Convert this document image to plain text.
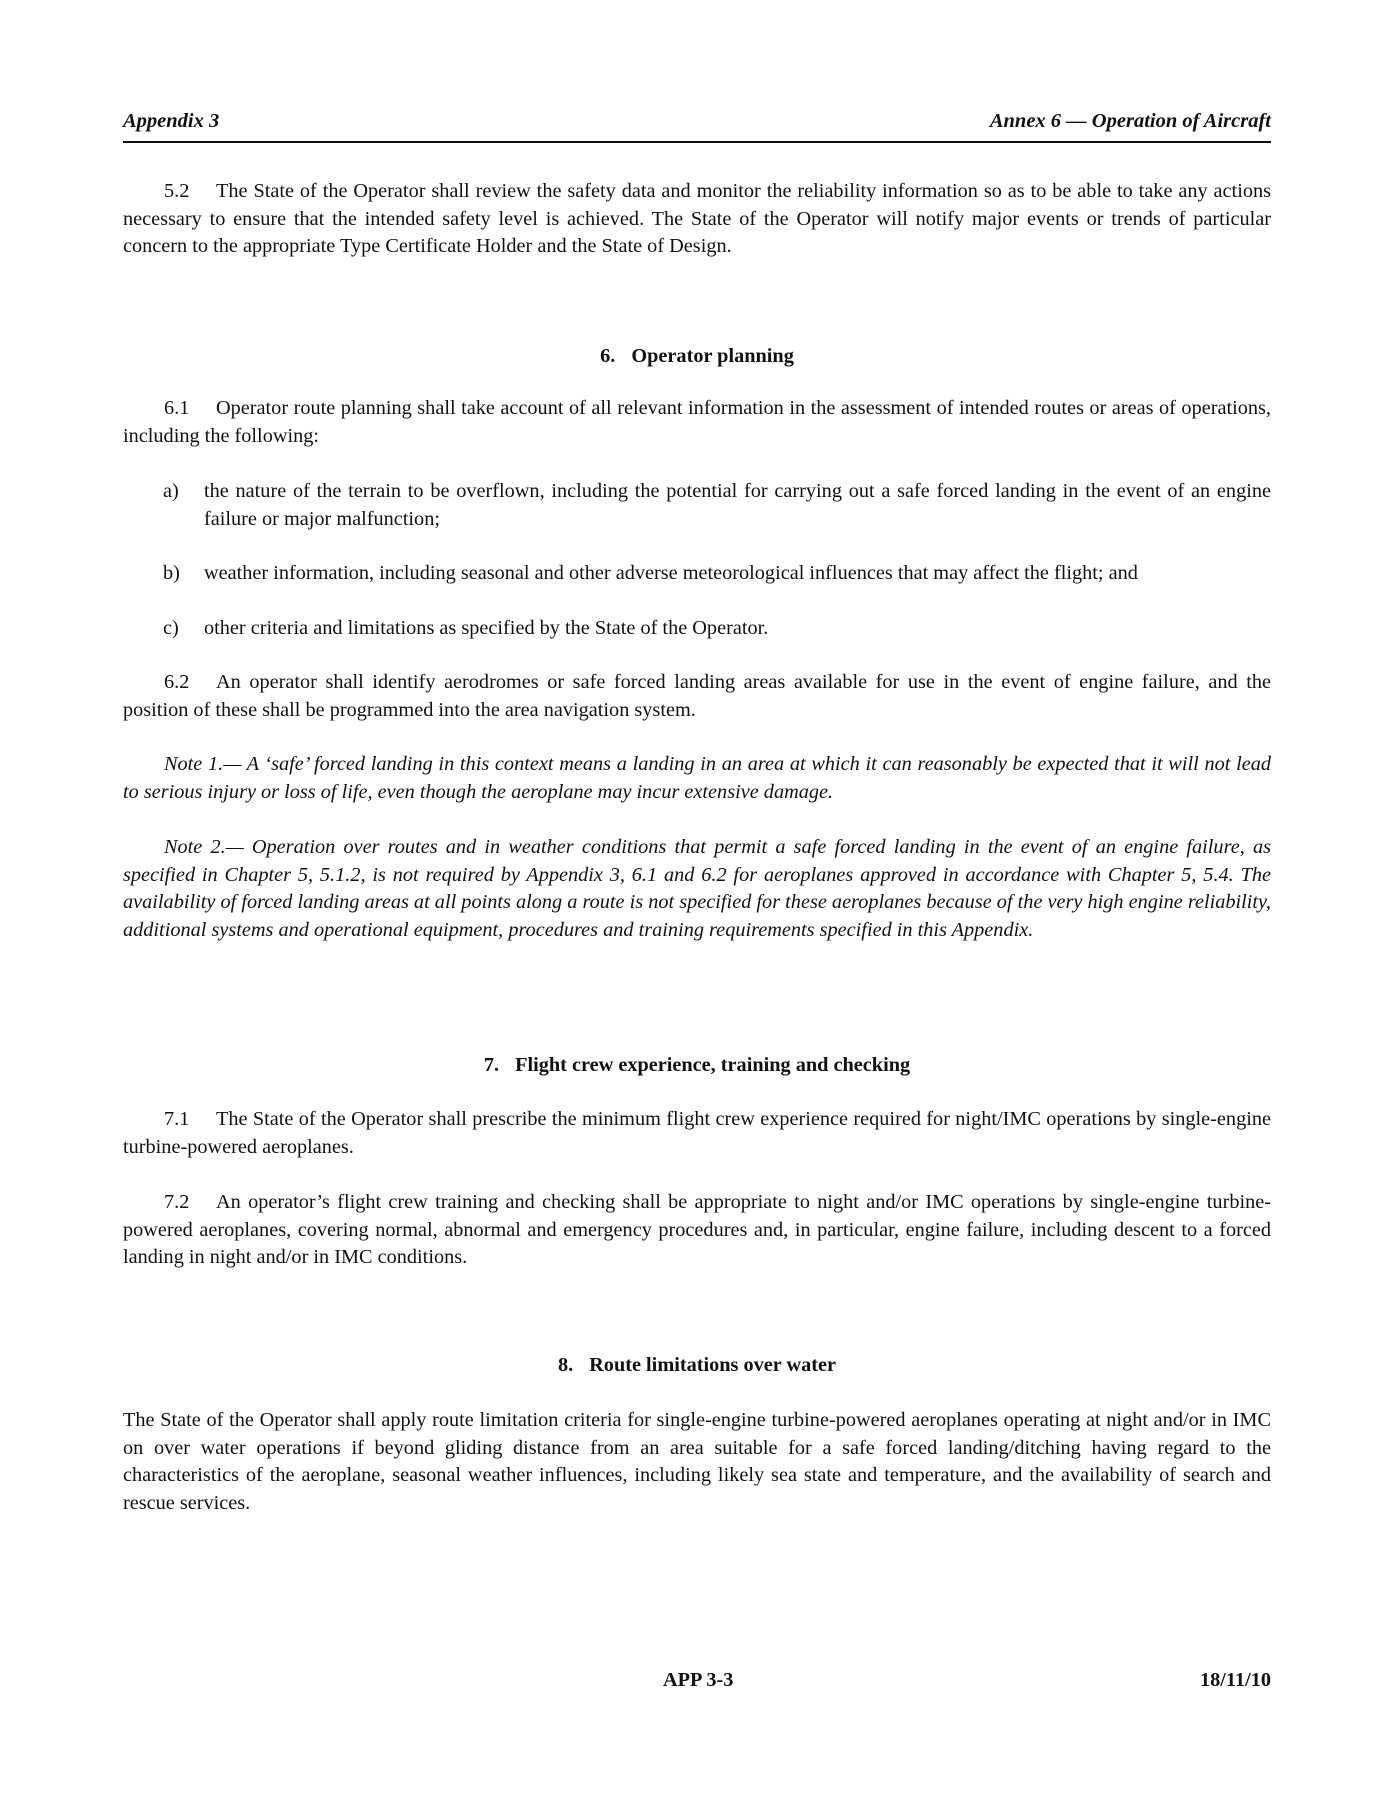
Appendix 3	Annex 6 — Operation of Aircraft

5.2 The State of the Operator shall review the safety data and monitor the reliability information so as to be able to take any actions necessary to ensure that the intended safety level is achieved. The State of the Operator will notify major events or trends of particular concern to the appropriate Type Certificate Holder and the State of Design.

6. Operator planning

6.1 Operator route planning shall take account of all relevant information in the assessment of intended routes or areas of operations, including the following:

a) the nature of the terrain to be overflown, including the potential for carrying out a safe forced landing in the event of an engine failure or major malfunction;

b) weather information, including seasonal and other adverse meteorological influences that may affect the flight; and

c) other criteria and limitations as specified by the State of the Operator.

6.2 An operator shall identify aerodromes or safe forced landing areas available for use in the event of engine failure, and the position of these shall be programmed into the area navigation system.

Note 1.— A ‘safe’ forced landing in this context means a landing in an area at which it can reasonably be expected that it will not lead to serious injury or loss of life, even though the aeroplane may incur extensive damage.

Note 2.— Operation over routes and in weather conditions that permit a safe forced landing in the event of an engine failure, as specified in Chapter 5, 5.1.2, is not required by Appendix 3, 6.1 and 6.2 for aeroplanes approved in accordance with Chapter 5, 5.4. The availability of forced landing areas at all points along a route is not specified for these aeroplanes because of the very high engine reliability, additional systems and operational equipment, procedures and training requirements specified in this Appendix.

7. Flight crew experience, training and checking

7.1 The State of the Operator shall prescribe the minimum flight crew experience required for night/IMC operations by single-engine turbine-powered aeroplanes.

7.2 An operator’s flight crew training and checking shall be appropriate to night and/or IMC operations by single-engine turbine-powered aeroplanes, covering normal, abnormal and emergency procedures and, in particular, engine failure, including descent to a forced landing in night and/or in IMC conditions.

8. Route limitations over water

The State of the Operator shall apply route limitation criteria for single-engine turbine-powered aeroplanes operating at night and/or in IMC on over water operations if beyond gliding distance from an area suitable for a safe forced landing/ditching having regard to the characteristics of the aeroplane, seasonal weather influences, including likely sea state and temperature, and the availability of search and rescue services.

APP 3-3	18/11/10
